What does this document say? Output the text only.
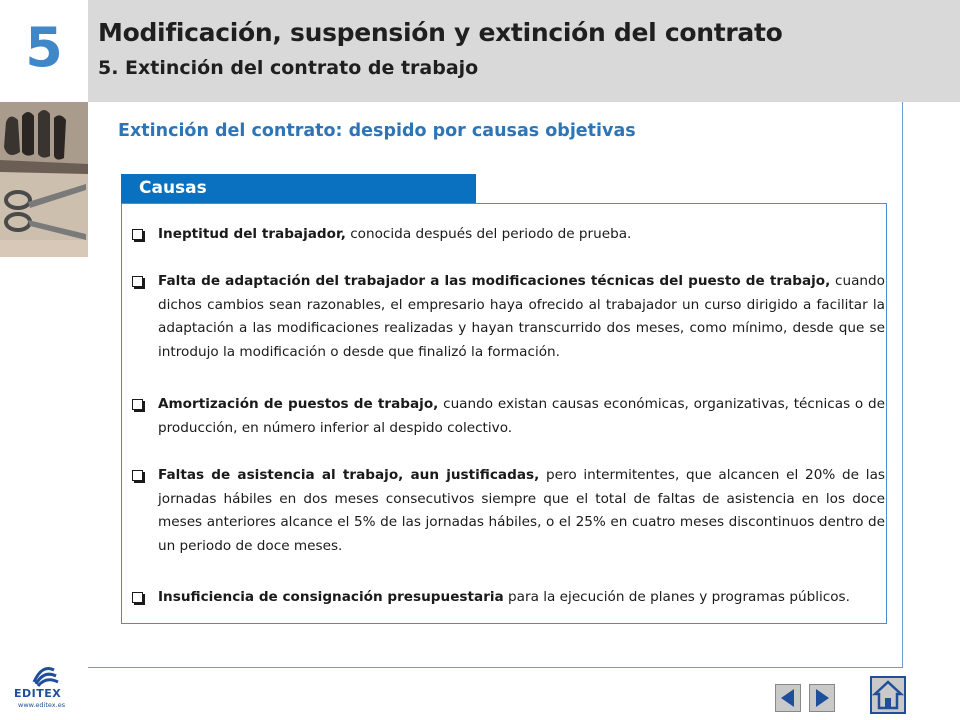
5	Modificación, suspensión y extinción del contrato
5. Extinción del contrato de trabajo
Extinción del contrato: despido por causas objetivas
Causas
Ineptitud del trabajador, conocida después del periodo de prueba.
Falta de adaptación del trabajador a las modificaciones técnicas del puesto de trabajo, cuando dichos cambios sean razonables, el empresario haya ofrecido al trabajador un curso dirigido a facilitar la adaptación a las modificaciones realizadas y hayan transcurrido dos meses, como mínimo, desde que se introdujo la modificación o desde que finalizó la formación.
Amortización de puestos de trabajo, cuando existan causas económicas, organizativas, técnicas o de producción, en número inferior al despido colectivo.
Faltas de asistencia al trabajo, aun justificadas, pero intermitentes, que alcancen el 20% de las jornadas hábiles en dos meses consecutivos siempre que el total de faltas de asistencia en los doce meses anteriores alcance el 5% de las jornadas hábiles, o el 25% en cuatro meses discontinuos dentro de un periodo de doce meses.
Insuficiencia de consignación presupuestaria para la ejecución de planes y programas públicos.
EDITEX
www.editex.es
